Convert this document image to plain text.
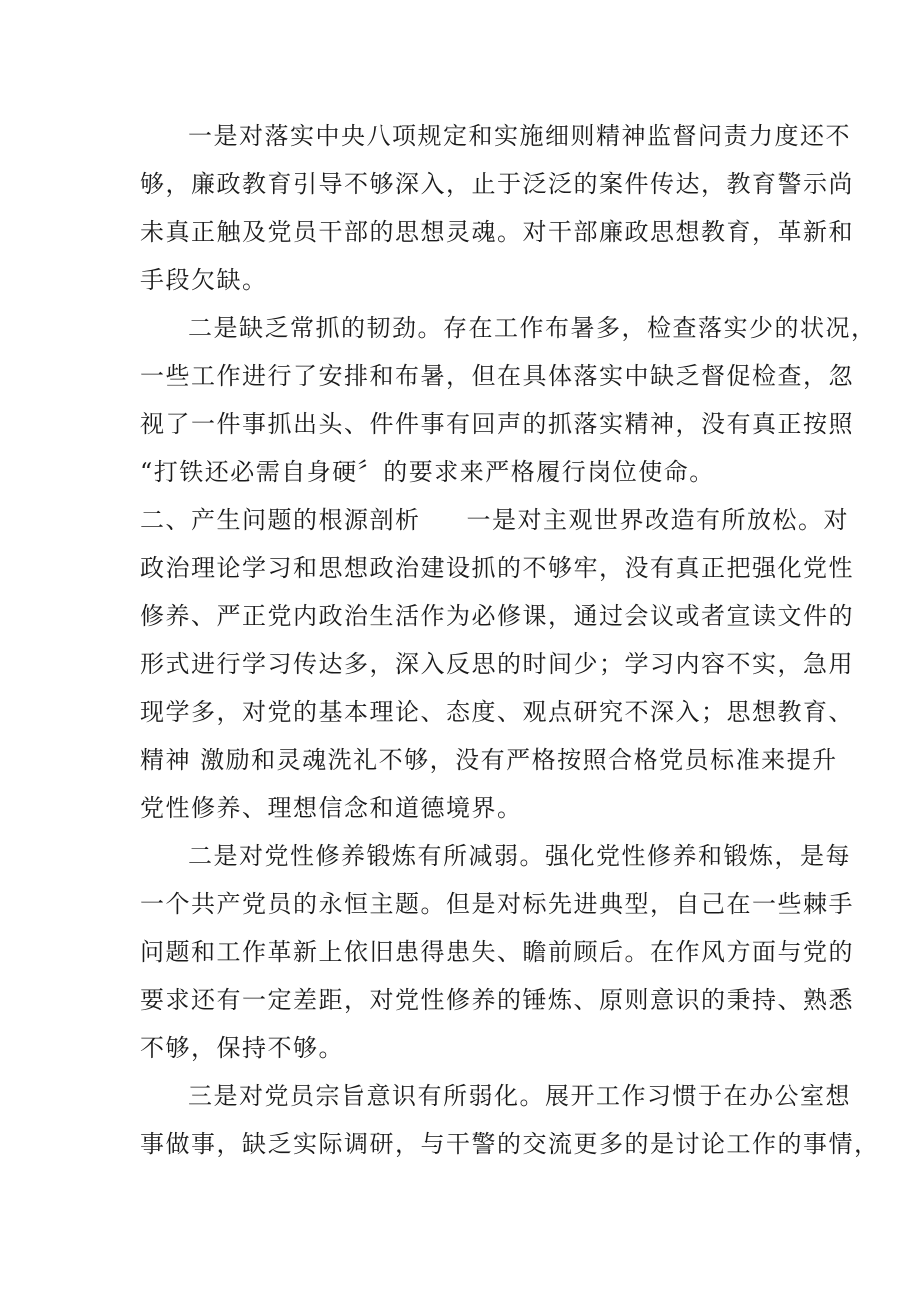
一是对落实中央八项规定和实施细则精神监督问责力度还不

够，廉政教育引导不够深入，止于泛泛的案件传达，教育警示尚

未真正触及党员干部的思想灵魂。对干部廉政思想教育，革新和

手段欠缺。

二是缺乏常抓的韧劲。存在工作布暑多，检查落实少的状况，

一些工作进行了安排和布暑，但在具体落实中缺乏督促检查，忽

视了一件事抓出头、件件事有回声的抓落实精神，没有真正按照

“打铁还必需自身硬〞的要求来严格履行岗位使命。

二、产生问题的根源剖析 一是对主观世界改造有所放松。对

政治理论学习和思想政治建设抓的不够牢，没有真正把强化党性

修养、严正党内政治生活作为必修课，通过会议或者宣读文件的

形式进行学习传达多，深入反思的时间少；学习内容不实，急用

现学多，对党的基本理论、态度、观点研究不深入；思想教育、

精神 激励和灵魂洗礼不够，没有严格按照合格党员标准来提升

党性修养、理想信念和道德境界。

二是对党性修养锻炼有所减弱。强化党性修养和锻炼，是每

一个共产党员的永恒主题。但是对标先进典型，自己在一些棘手

问题和工作革新上依旧患得患失、瞻前顾后。在作风方面与党的

要求还有一定差距，对党性修养的锤炼、原则意识的秉持、熟悉

不够，保持不够。

三是对党员宗旨意识有所弱化。展开工作习惯于在办公室想

事做事，缺乏实际调研，与干警的交流更多的是讨论工作的事情，
